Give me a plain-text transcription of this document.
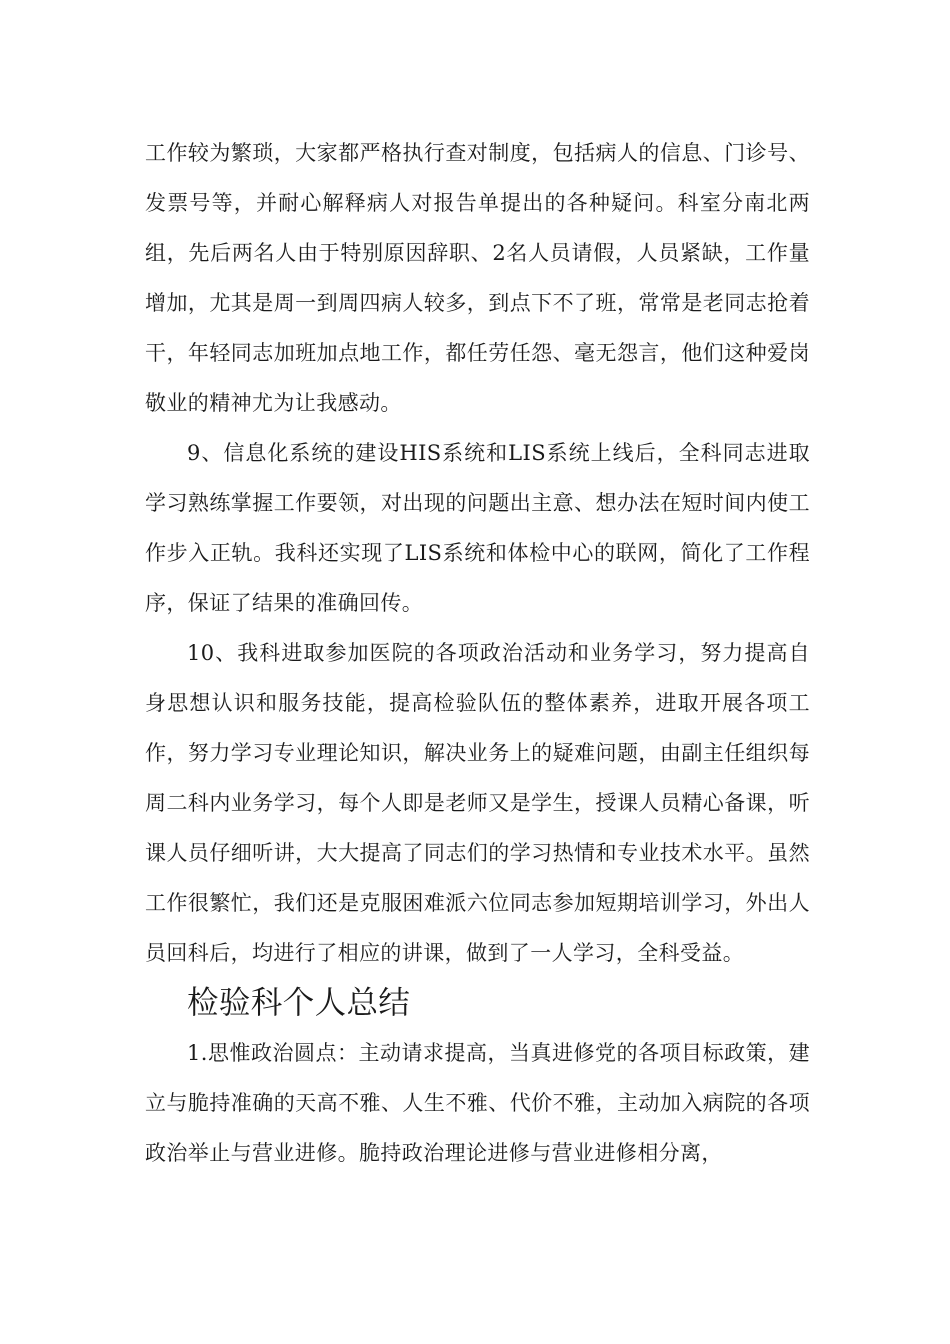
工作较为繁琐，大家都严格执行查对制度，包括病人的信息、门诊号、发票号等，并耐心解释病人对报告单提出的各种疑问。科室分南北两组，先后两名人由于特别原因辞职、2名人员请假，人员紧缺，工作量增加，尤其是周一到周四病人较多，到点下不了班，常常是老同志抢着干，年轻同志加班加点地工作，都任劳任怨、毫无怨言，他们这种爱岗敬业的精神尤为让我感动。

9、信息化系统的建设HIS系统和LIS系统上线后，全科同志进取学习熟练掌握工作要领，对出现的问题出主意、想办法在短时间内使工作步入正轨。我科还实现了LIS系统和体检中心的联网，简化了工作程序，保证了结果的准确回传。

10、我科进取参加医院的各项政治活动和业务学习，努力提高自身思想认识和服务技能，提高检验队伍的整体素养，进取开展各项工作，努力学习专业理论知识，解决业务上的疑难问题，由副主任组织每周二科内业务学习，每个人即是老师又是学生，授课人员精心备课，听课人员仔细听讲，大大提高了同志们的学习热情和专业技术水平。虽然工作很繁忙，我们还是克服困难派六位同志参加短期培训学习，外出人员回科后，均进行了相应的讲课，做到了一人学习，全科受益。

检验科个人总结

1.思惟政治圆点：主动请求提高，当真进修党的各项目标政策，建立与脆持准确的天高不雅、人生不雅、代价不雅，主动加入病院的各项政治举止与营业进修。脆持政治理论进修与营业进修相分离，
